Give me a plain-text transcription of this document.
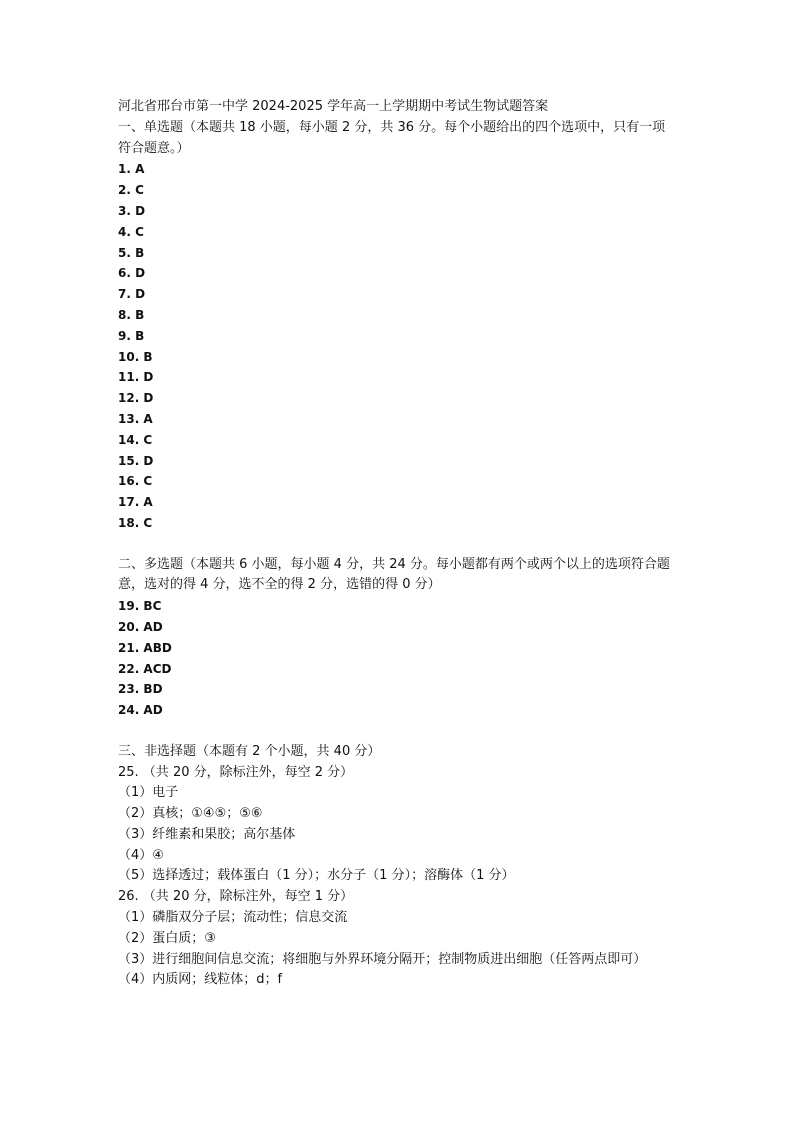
河北省邢台市第一中学 2024-2025 学年高一上学期期中考试生物试题答案
一、单选题（本题共 18 小题，每小题 2 分，共 36 分。每个小题给出的四个选项中，只有一项符合题意。）
1. A
2. C
3. D
4. C
5. B
6. D
7. D
8. B
9. B
10. B
11. D
12. D
13. A
14. C
15. D
16. C
17. A
18. C
二、多选题（本题共 6 小题，每小题 4 分，共 24 分。每小题都有两个或两个以上的选项符合题意，选对的得 4 分，选不全的得 2 分，选错的得 0 分）
19. BC
20. AD
21. ABD
22. ACD
23. BD
24. AD
三、非选择题（本题有 2 个小题，共 40 分）
25. （共 20 分，除标注外，每空 2 分）
（1）电子
（2）真核；①④⑤；⑤⑥
（3）纤维素和果胶；高尔基体
（4）④
（5）选择透过；载体蛋白（1 分）；水分子（1 分）；溶酶体（1 分）
26. （共 20 分，除标注外，每空 1 分）
（1）磷脂双分子层；流动性；信息交流
（2）蛋白质；③
（3）进行细胞间信息交流；将细胞与外界环境分隔开；控制物质进出细胞（任答两点即可）
（4）内质网；线粒体；d；f
